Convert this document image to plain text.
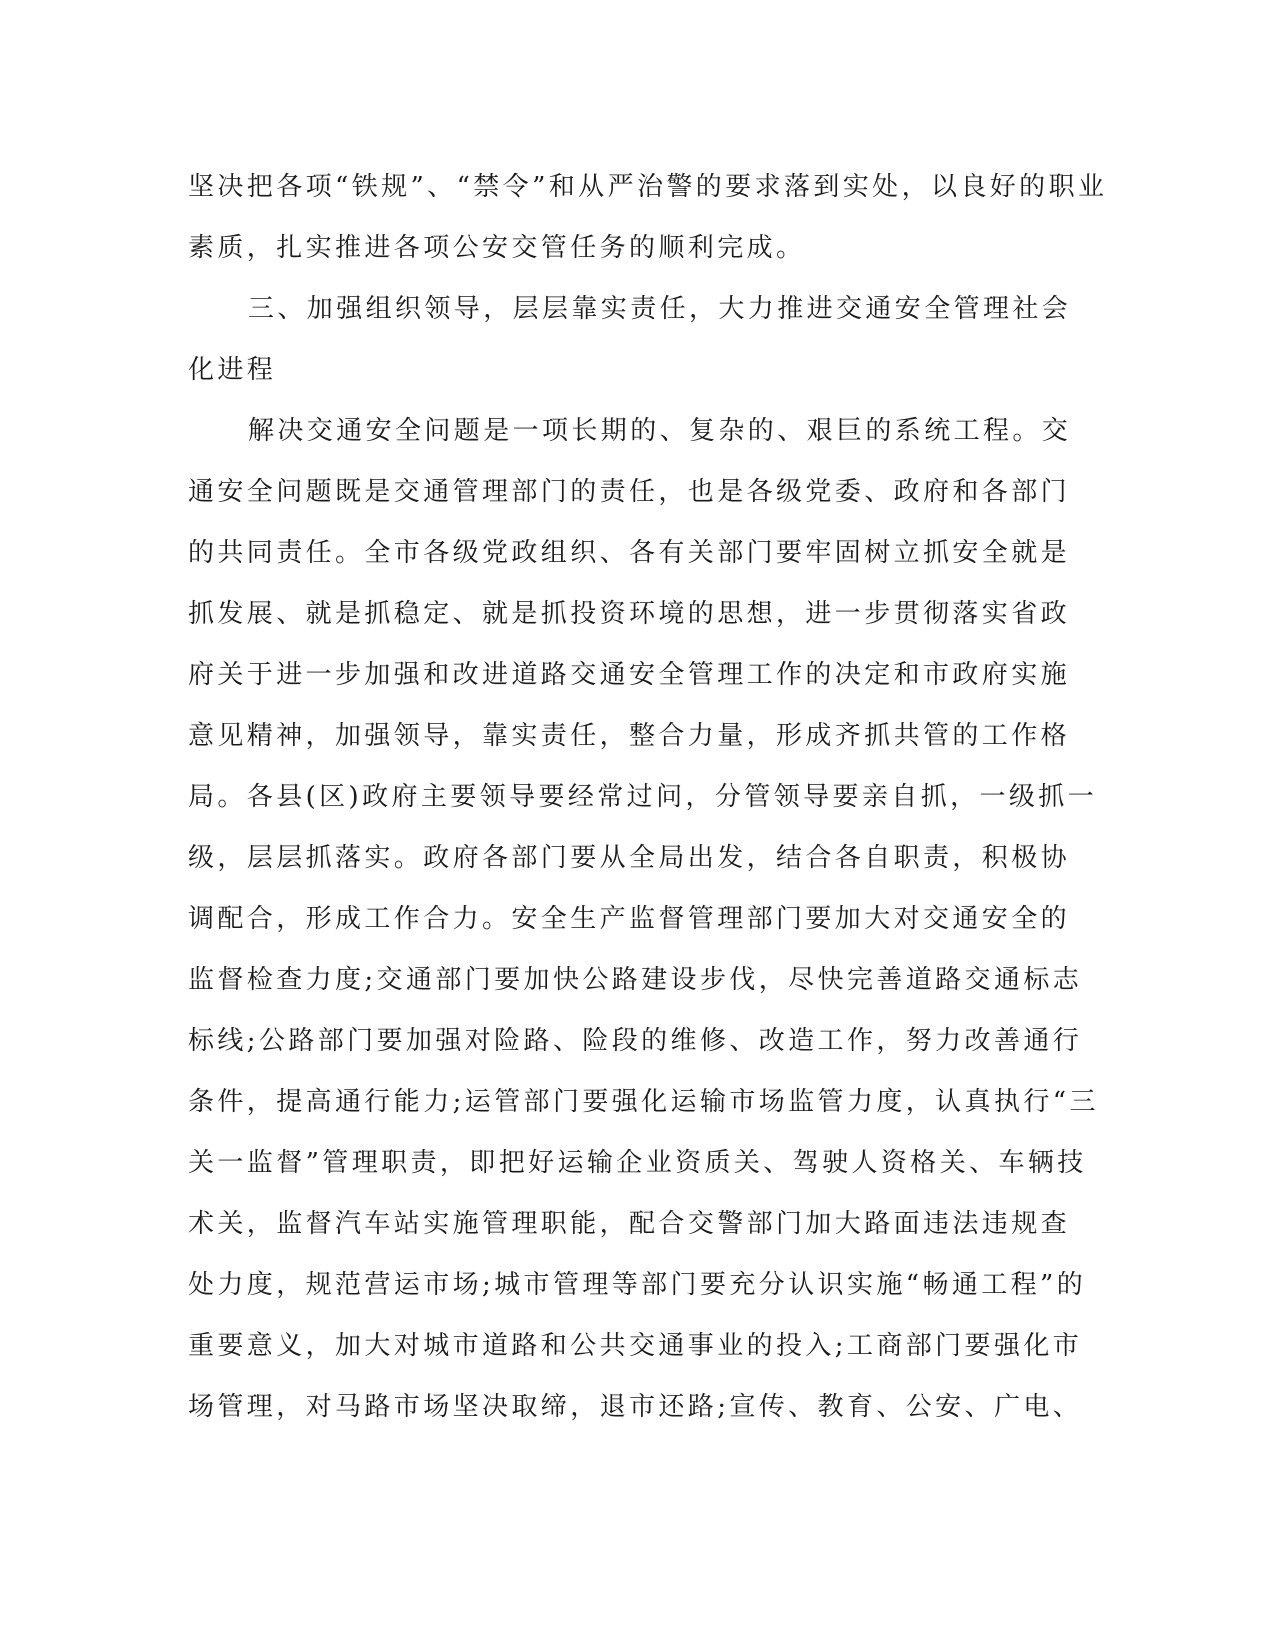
坚决把各项“铁规”、“禁令”和从严治警的要求落到实处，以良好的职业
素质，扎实推进各项公安交管任务的顺利完成。
三、加强组织领导，层层靠实责任，大力推进交通安全管理社会
化进程
解决交通安全问题是一项长期的、复杂的、艰巨的系统工程。交
通安全问题既是交通管理部门的责任，也是各级党委、政府和各部门
的共同责任。全市各级党政组织、各有关部门要牢固树立抓安全就是
抓发展、就是抓稳定、就是抓投资环境的思想，进一步贯彻落实省政
府关于进一步加强和改进道路交通安全管理工作的决定和市政府实施
意见精神，加强领导，靠实责任，整合力量，形成齐抓共管的工作格
局。各县(区)政府主要领导要经常过问，分管领导要亲自抓，一级抓一
级，层层抓落实。政府各部门要从全局出发，结合各自职责，积极协
调配合，形成工作合力。安全生产监督管理部门要加大对交通安全的
监督检查力度;交通部门要加快公路建设步伐，尽快完善道路交通标志
标线;公路部门要加强对险路、险段的维修、改造工作，努力改善通行
条件，提高通行能力;运管部门要强化运输市场监管力度，认真执行“三
关一监督”管理职责，即把好运输企业资质关、驾驶人资格关、车辆技
术关，监督汽车站实施管理职能，配合交警部门加大路面违法违规查
处力度，规范营运市场;城市管理等部门要充分认识实施“畅通工程”的
重要意义，加大对城市道路和公共交通事业的投入;工商部门要强化市
场管理，对马路市场坚决取缔，退市还路;宣传、教育、公安、广电、
